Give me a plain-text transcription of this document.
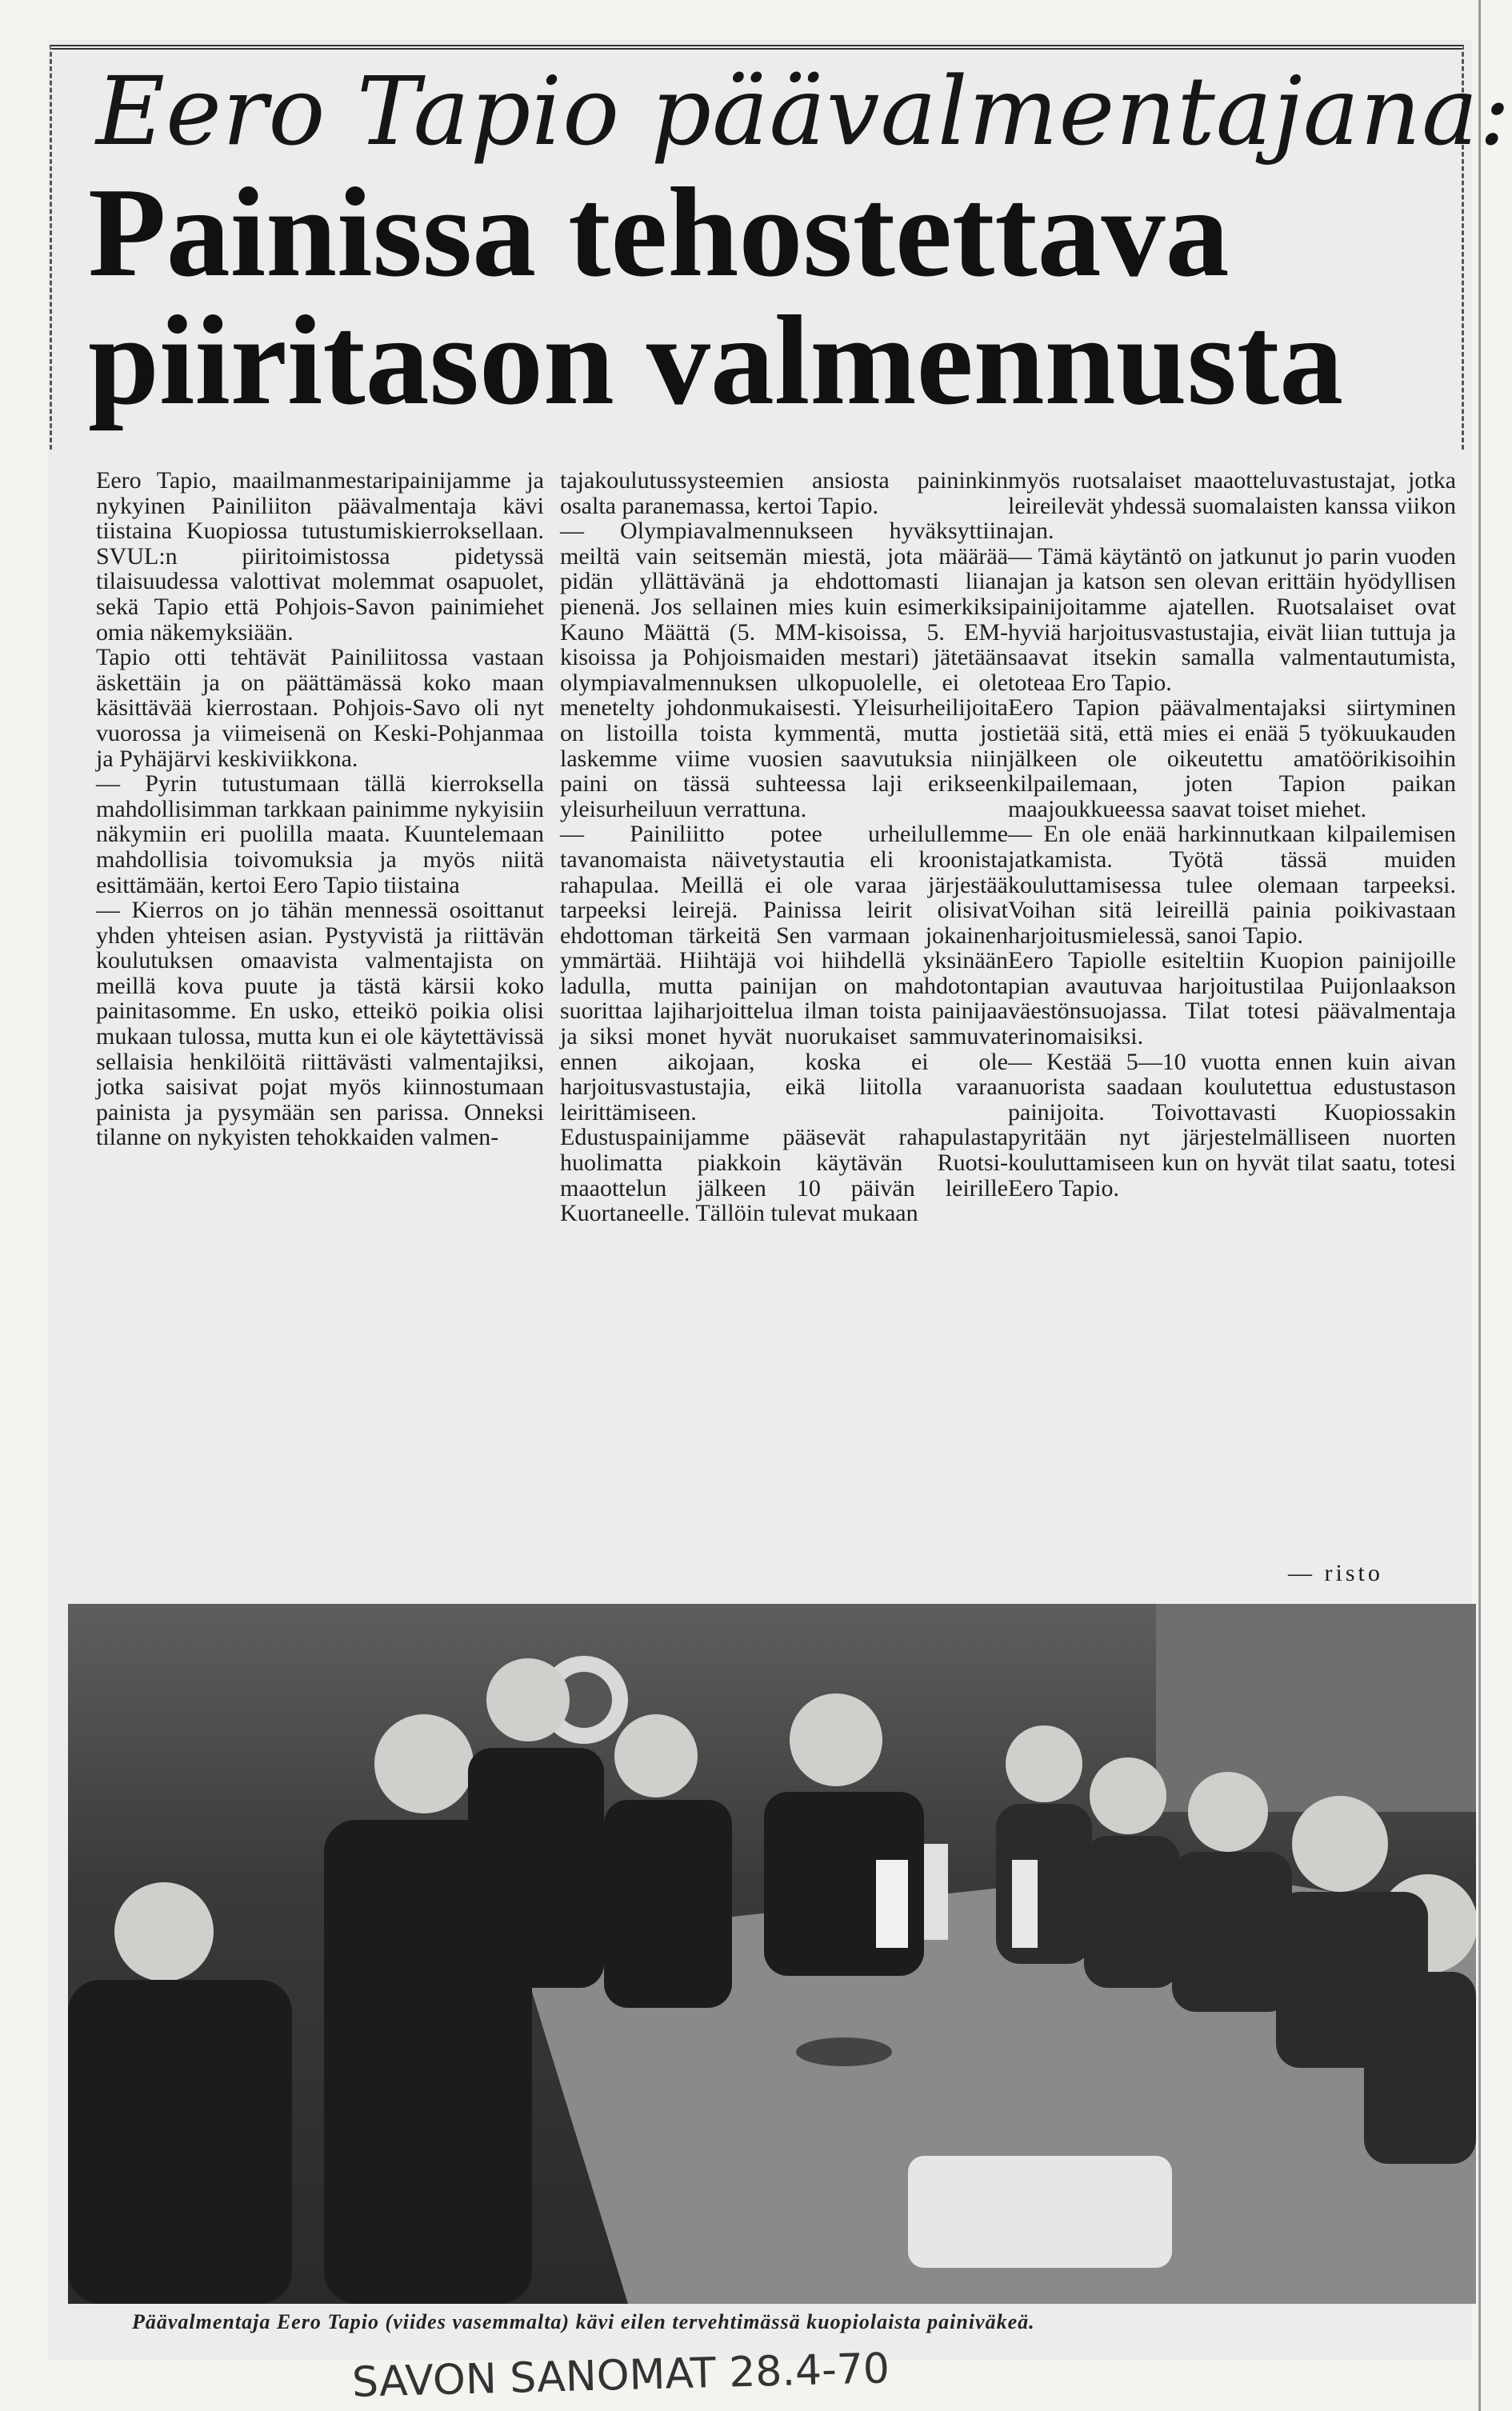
Eero Tapio päävalmentajana:
Painissa tehostettava piiritason valmennusta
Eero Tapio, maailmanmestaripainijamme ja nykyinen Painiliiton päävalmentaja kävi tiistaina Kuopiossa tutustumiskierroksellaan. SVUL:n piiritoimistossa pidetyssä tilaisuudessa valottivat molemmat osapuolet, sekä Tapio että Pohjois-Savon painimiehet omia näkemyksiään.
Tapio otti tehtävät Painiliitossa vastaan äskettäin ja on päättämässä koko maan käsittävää kierrostaan. Pohjois-Savo oli nyt vuorossa ja viimeisenä on Keski-Pohjanmaa ja Pyhäjärvi keskiviikkona.
— Pyrin tutustumaan tällä kierroksella mahdollisimman tarkkaan painimme nykyisiin näkymiin eri puolilla maata. Kuuntelemaan mahdollisia toivomuksia ja myös niitä esittämään, kertoi Eero Tapio tiistaina
— Kierros on jo tähän mennessä osoittanut yhden yhteisen asian. Pystyvistä ja riittävän koulutuksen omaavista valmentajista on meillä kova puute ja tästä kärsii koko painitasomme. En usko, etteikö poikia olisi mukaan tulossa, mutta kun ei ole käytettävissä sellaisia henkilöitä riittävästi valmentajiksi, jotka saisivat pojat myös kiinnostumaan painista ja pysymään sen parissa. Onneksi tilanne on nykyisten tehokkaiden valmen-
tajakoulutussysteemien ansiosta paininkin osalta paranemassa, kertoi Tapio.
— Olympiavalmennukseen hyväksyttiin meiltä vain seitsemän miestä, jota määrää pidän yllättävänä ja ehdottomasti liian pienenä. Jos sellainen mies kuin esimerkiksi Kauno Määttä (5. MM-kisoissa, 5. EM-kisoissa ja Pohjoismaiden mestari) jätetään olympiavalmennuksen ulkopuolelle, ei ole menetelty johdonmukaisesti. Yleisurheilijoita on listoilla toista kymmentä, mutta jos laskemme viime vuosien saavutuksia niin paini on tässä suhteessa laji erikseen yleisurheiluun verrattuna.
— Painiliitto potee urheilullemme tavanomaista näivetystautia eli kroonista rahapulaa. Meillä ei ole varaa järjestää tarpeeksi leirejä. Painissa leirit olisivat ehdottoman tärkeitä Sen varmaan jokainen ymmärtää. Hiihtäjä voi hiihdellä yksinään ladulla, mutta painijan on mahdotonta suorittaa lajiharjoittelua ilman toista painijaa ja siksi monet hyvät nuorukaiset sammuvat ennen aikojaan, koska ei ole harjoitusvastustajia, eikä liitolla varaa leirittämiseen.
Edustuspainijamme pääsevät rahapulasta huolimatta piakkoin käytävän Ruotsi-maaottelun jälkeen 10 päivän leirille Kuortaneelle. Tällöin tulevat mukaan
myös ruotsalaiset maaotteluvastustajat, jotka leireilevät yhdessä suomalaisten kanssa viikon ajan.
— Tämä käytäntö on jatkunut jo parin vuoden ajan ja katson sen olevan erittäin hyödyllisen painijoitamme ajatellen. Ruotsalaiset ovat hyviä harjoitusvastustajia, eivät liian tuttuja ja saavat itsekin samalla valmentautumista, toteaa Ero Tapio.
Eero Tapion päävalmentajaksi siirtyminen tietää sitä, että mies ei enää 5 työkuukauden jälkeen ole oikeutettu amatöörikisoihin kilpailemaan, joten Tapion paikan maajoukkueessa saavat toiset miehet.
— En ole enää harkinnutkaan kilpailemisen jatkamista. Työtä tässä muiden kouluttamisessa tulee olemaan tarpeeksi. Voihan sitä leireillä painia poikivastaan harjoitusmielessä, sanoi Tapio.
Eero Tapiolle esiteltiin Kuopion painijoille pian avautuvaa harjoitustilaa Puijonlaakson väestönsuojassa. Tilat totesi päävalmentaja erinomaisiksi.
— Kestää 5—10 vuotta ennen kuin aivan nuorista saadaan koulutettua edustustason painijoita. Toivottavasti Kuopiossakin pyritään nyt järjestelmälliseen nuorten kouluttamiseen kun on hyvät tilat saatu, totesi Eero Tapio.
— risto
Päävalmentaja Eero Tapio (viides vasemmalta) kävi eilen tervehtimässä kuopiolaista painiväkeä.
SAVON SANOMAT 28.4-70
